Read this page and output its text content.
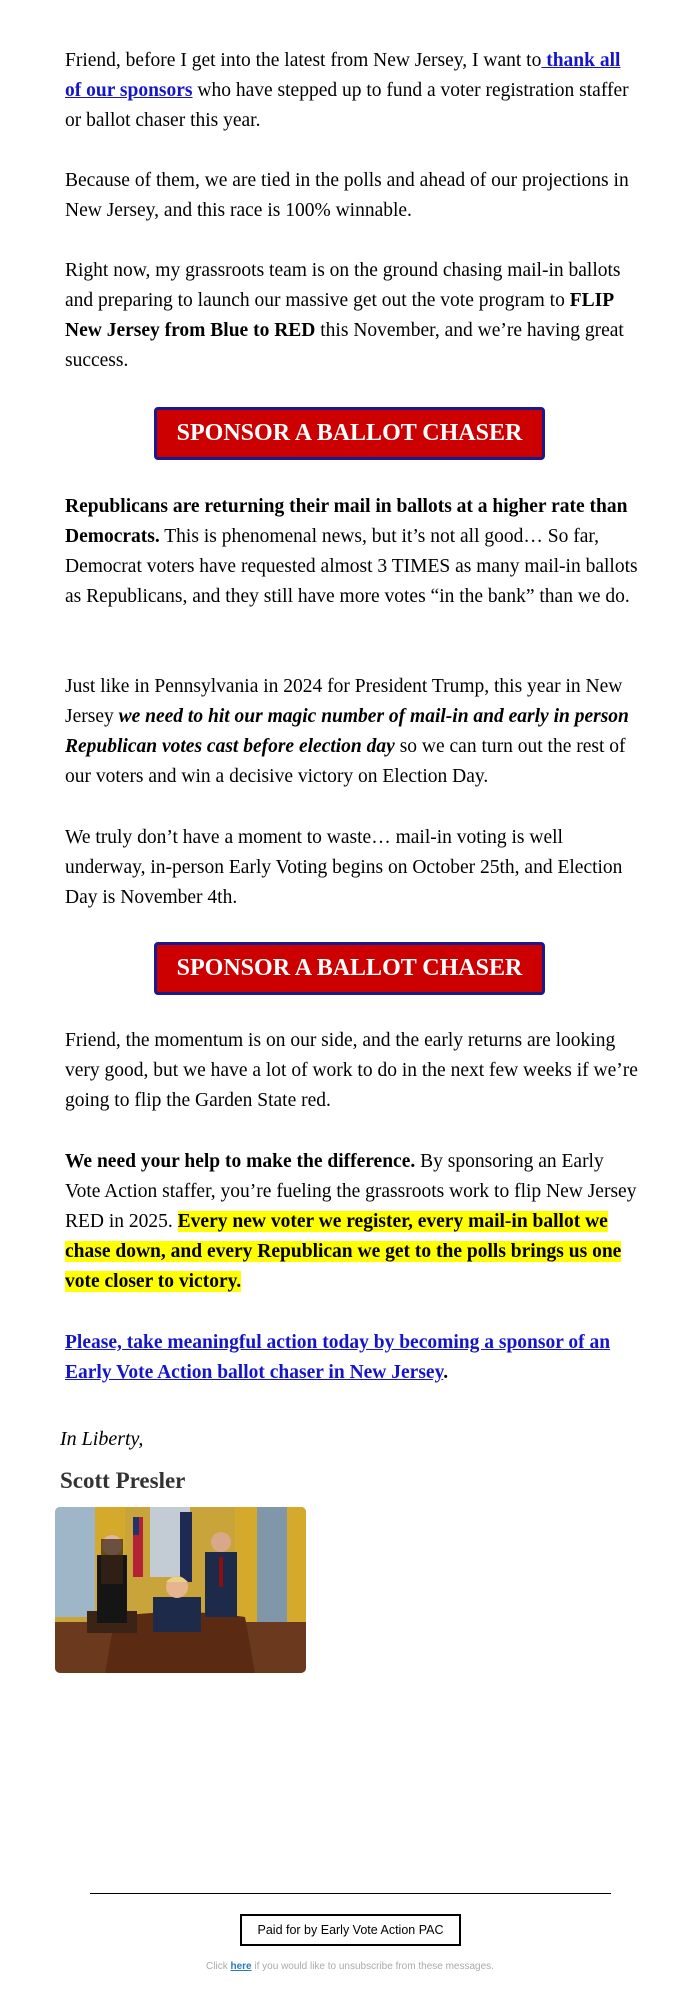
Friend, before I get into the latest from New Jersey, I want to thank all of our sponsors who have stepped up to fund a voter registration staffer or ballot chaser this year.

Because of them, we are tied in the polls and ahead of our projections in New Jersey, and this race is 100% winnable.

Right now, my grassroots team is on the ground chasing mail-in ballots and preparing to launch our massive get out the vote program to FLIP New Jersey from Blue to RED this November, and we’re having great success.

SPONSOR A BALLOT CHASER

Republicans are returning their mail in ballots at a higher rate than Democrats. This is phenomenal news, but it’s not all good… So far, Democrat voters have requested almost 3 TIMES as many mail-in ballots as Republicans, and they still have more votes “in the bank” than we do.

Just like in Pennsylvania in 2024 for President Trump, this year in New Jersey we need to hit our magic number of mail-in and early in person Republican votes cast before election day so we can turn out the rest of our voters and win a decisive victory on Election Day.

We truly don’t have a moment to waste… mail-in voting is well underway, in-person Early Voting begins on October 25th, and Election Day is November 4th.

SPONSOR A BALLOT CHASER

Friend, the momentum is on our side, and the early returns are looking very good, but we have a lot of work to do in the next few weeks if we’re going to flip the Garden State red.

We need your help to make the difference. By sponsoring an Early Vote Action staffer, you’re fueling the grassroots work to flip New Jersey RED in 2025. Every new voter we register, every mail-in ballot we chase down, and every Republican we get to the polls brings us one vote closer to victory.

Please, take meaningful action today by becoming a sponsor of an Early Vote Action ballot chaser in New Jersey.

In Liberty,
Scott Presler
Paid for by Early Vote Action PAC
Click here if you would like to unsubscribe from these messages.
